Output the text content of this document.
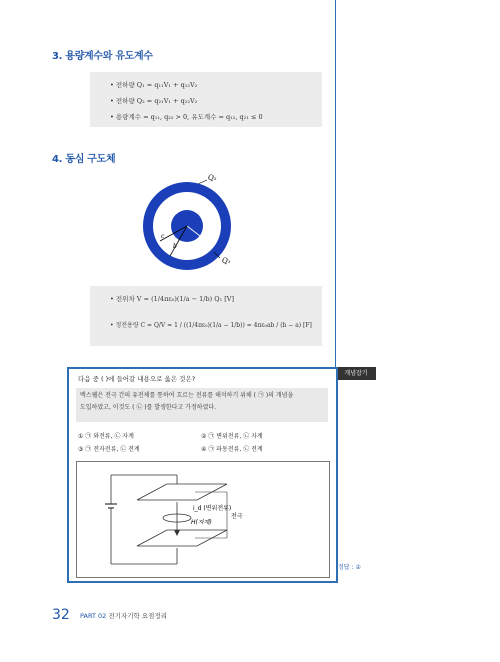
3. 용량계수와 유도계수
• 전하량 Q₁ = q₁₁V₁ + q₁₂V₂
• 전하량 Q₂ = q₂₁V₁ + q₂₂V₂
• 용량계수 = q₁₁, q₂₂ > 0, 유도계수 = q₁₂, q₂₁ ≤ 0
4. 동심 구도체
Q₂
Q₁
a
b
c
• 전위차 V = (1/4πε₀)(1/a − 1/b) Q₁ [V]
• 정전용량 C = Q/V = 1 / ((1/4πε₀)(1/a − 1/b)) = 4πε₀ab / (b − a) [F]
개념잡기
다음 중 ( )에 들어갈 내용으로 옳은 것은?
맥스웰은 전극 간의 유전체를 통하여 흐르는 전류를 해석하기 위해 ( ㉠ )의 개념을
도입하였고, 이것도 ( ㉡ )를 발생한다고 가정하였다.
① ㉠ 와전류, ㉡ 자계	② ㉠ 변위전류, ㉡ 자계
③ ㉠ 전자전류, ㉡ 전계	④ ㉠ 파동전류, ㉡ 전계
i_d (변위전류)
H(자계)
전극
정답 : ②
32 PART 02 전기자기학 요점정리
